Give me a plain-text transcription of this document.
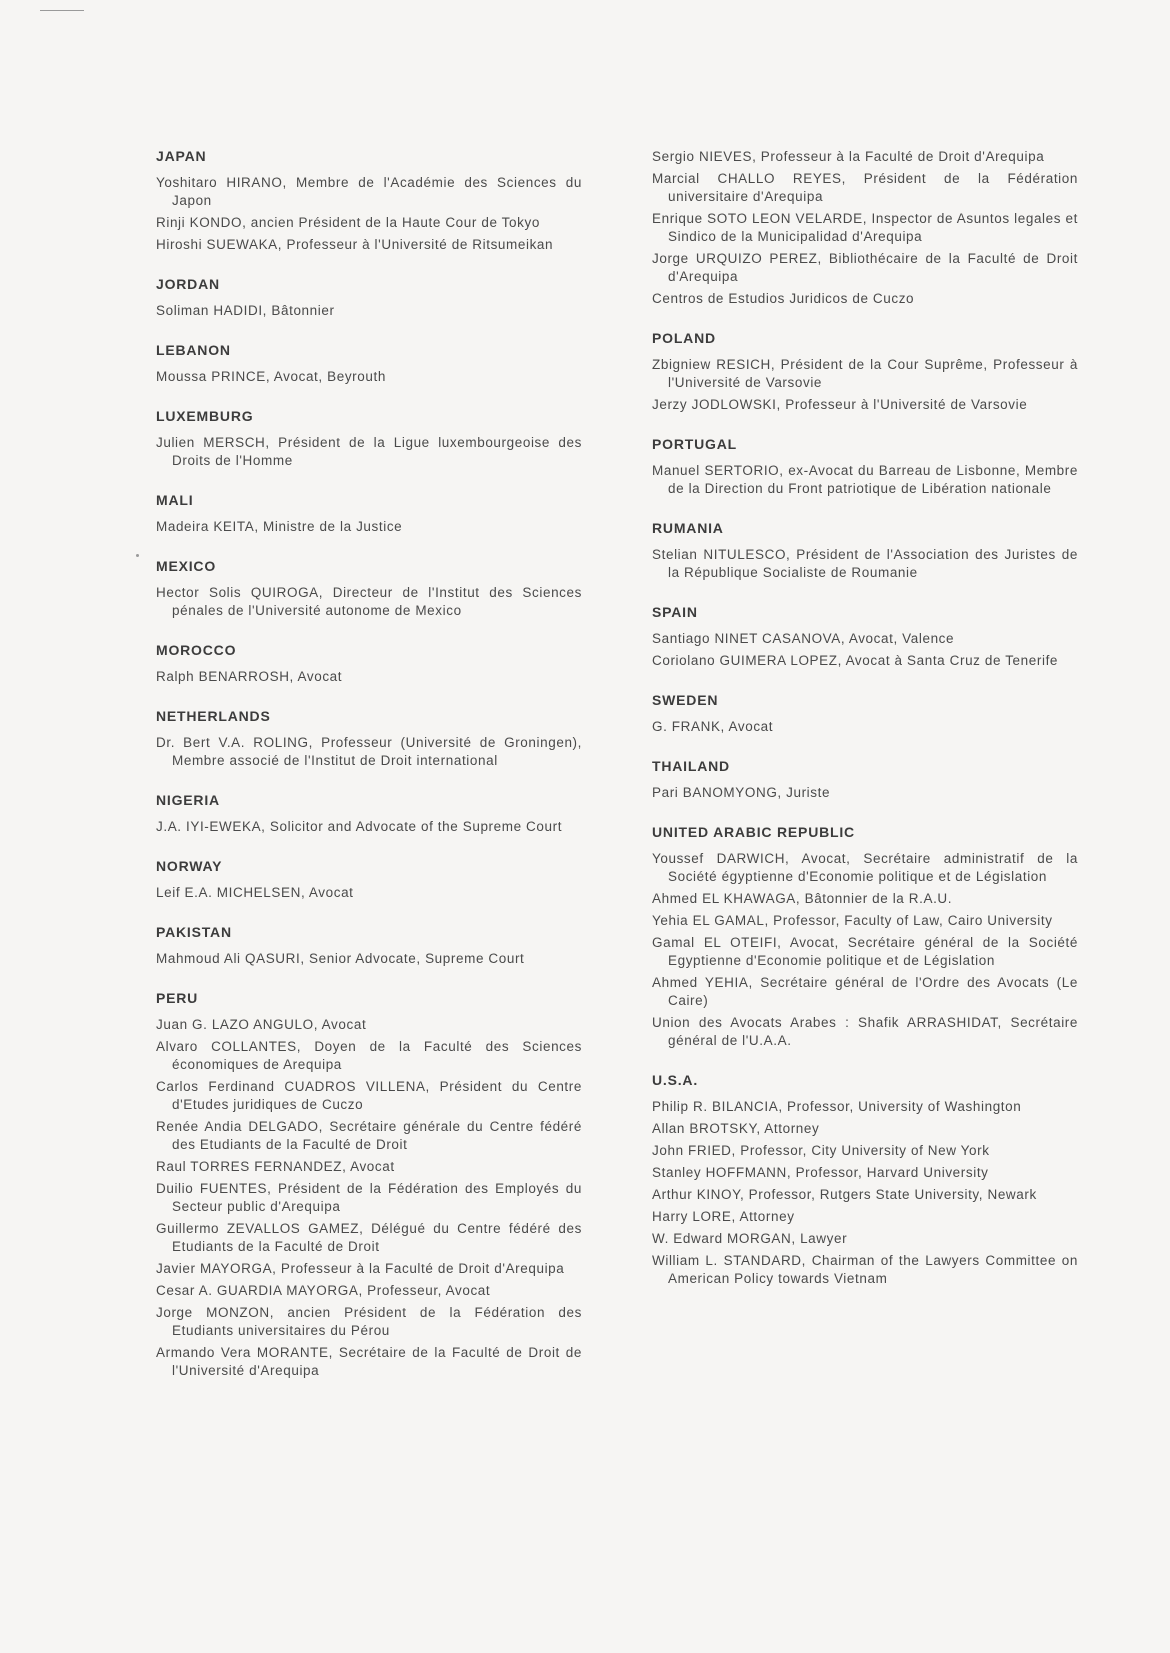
JAPAN
Yoshitaro HIRANO, Membre de l'Académie des Sciences du Japon
Rinji KONDO, ancien Président de la Haute Cour de Tokyo
Hiroshi SUEWAKA, Professeur à l'Université de Ritsumeikan
JORDAN
Soliman HADIDI, Bâtonnier
LEBANON
Moussa PRINCE, Avocat, Beyrouth
LUXEMBURG
Julien MERSCH, Président de la Ligue luxembourgeoise des Droits de l'Homme
MALI
Madeira KEITA, Ministre de la Justice
MEXICO
Hector Solis QUIROGA, Directeur de l'Institut des Sciences pénales de l'Université autonome de Mexico
MOROCCO
Ralph BENARROSH, Avocat
NETHERLANDS
Dr. Bert V.A. ROLING, Professeur (Université de Groningen), Membre associé de l'Institut de Droit international
NIGERIA
J.A. IYI-EWEKA, Solicitor and Advocate of the Supreme Court
NORWAY
Leif E.A. MICHELSEN, Avocat
PAKISTAN
Mahmoud Ali QASURI, Senior Advocate, Supreme Court
PERU
Juan G. LAZO ANGULO, Avocat
Alvaro COLLANTES, Doyen de la Faculté des Sciences économiques de Arequipa
Carlos Ferdinand CUADROS VILLENA, Président du Centre d'Etudes juridiques de Cuczo
Renée Andia DELGADO, Secrétaire générale du Centre fédéré des Etudiants de la Faculté de Droit
Raul TORRES FERNANDEZ, Avocat
Duilio FUENTES, Président de la Fédération des Employés du Secteur public d'Arequipa
Guillermo ZEVALLOS GAMEZ, Délégué du Centre fédéré des Etudiants de la Faculté de Droit
Javier MAYORGA, Professeur à la Faculté de Droit d'Arequipa
Cesar A. GUARDIA MAYORGA, Professeur, Avocat
Jorge MONZON, ancien Président de la Fédération des Etudiants universitaires du Pérou
Armando Vera MORANTE, Secrétaire de la Faculté de Droit de l'Université d'Arequipa
Sergio NIEVES, Professeur à la Faculté de Droit d'Arequipa
Marcial CHALLO REYES, Président de la Fédération universitaire d'Arequipa
Enrique SOTO LEON VELARDE, Inspector de Asuntos legales et Sindico de la Municipalidad d'Arequipa
Jorge URQUIZO PEREZ, Bibliothécaire de la Faculté de Droit d'Arequipa
Centros de Estudios Juridicos de Cuczo
POLAND
Zbigniew RESICH, Président de la Cour Suprême, Professeur à l'Université de Varsovie
Jerzy JODLOWSKI, Professeur à l'Université de Varsovie
PORTUGAL
Manuel SERTORIO, ex-Avocat du Barreau de Lisbonne, Membre de la Direction du Front patriotique de Libération nationale
RUMANIA
Stelian NITULESCO, Président de l'Association des Juristes de la République Socialiste de Roumanie
SPAIN
Santiago NINET CASANOVA, Avocat, Valence
Coriolano GUIMERA LOPEZ, Avocat à Santa Cruz de Tenerife
SWEDEN
G. FRANK, Avocat
THAILAND
Pari BANOMYONG, Juriste
UNITED ARABIC REPUBLIC
Youssef DARWICH, Avocat, Secrétaire administratif de la Société égyptienne d'Economie politique et de Législation
Ahmed EL KHAWAGA, Bâtonnier de la R.A.U.
Yehia EL GAMAL, Professor, Faculty of Law, Cairo University
Gamal EL OTEIFI, Avocat, Secrétaire général de la Société Egyptienne d'Economie politique et de Législation
Ahmed YEHIA, Secrétaire général de l'Ordre des Avocats (Le Caire)
Union des Avocats Arabes : Shafik ARRASHIDAT, Secrétaire général de l'U.A.A.
U.S.A.
Philip R. BILANCIA, Professor, University of Washington
Allan BROTSKY, Attorney
John FRIED, Professor, City University of New York
Stanley HOFFMANN, Professor, Harvard University
Arthur KINOY, Professor, Rutgers State University, Newark
Harry LORE, Attorney
W. Edward MORGAN, Lawyer
William L. STANDARD, Chairman of the Lawyers Committee on American Policy towards Vietnam
